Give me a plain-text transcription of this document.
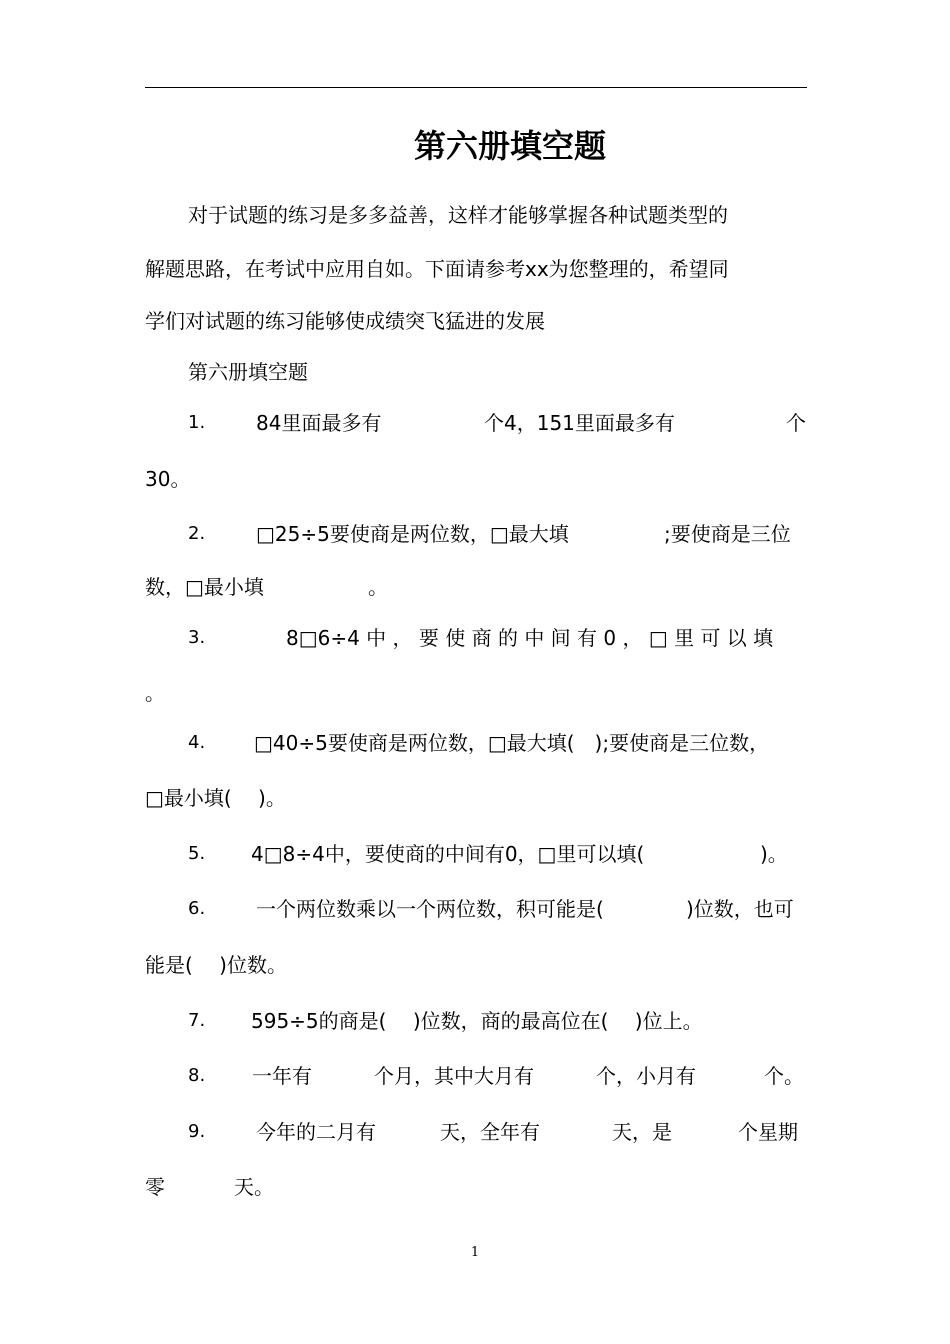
第六册填空题
对于试题的练习是多多益善，这样才能够掌握各种试题类型的
解题思路，在考试中应用自如。下面请参考xx为您整理的，希望同
学们对试题的练习能够使成绩突飞猛进的发展
第六册填空题
1.	84里面最多有	个4，151里面最多有	个
30。
2.	□25÷5要使商是两位数，□最大填	;要使商是三位
数，□最小填	。
3.	8□6÷4 中 ， 要 使 商 的 中 间 有 0 ， □ 里 可 以 填
。
4. □40÷5要使商是两位数，□最大填(　);要使商是三位数，
□最小填(　 )。
5. 4□8÷4中，要使商的中间有0，□里可以填(	)。
6.	一个两位数乘以一个两位数，积可能是(	)位数，也可
能是(　 )位数。
7. 595÷5的商是(　 )位数，商的最高位在(　 )位上。
8. 一年有	个月，其中大月有	个，小月有	个。
9.	今年的二月有	天，全年有	天，是	个星期
零	天。
1
